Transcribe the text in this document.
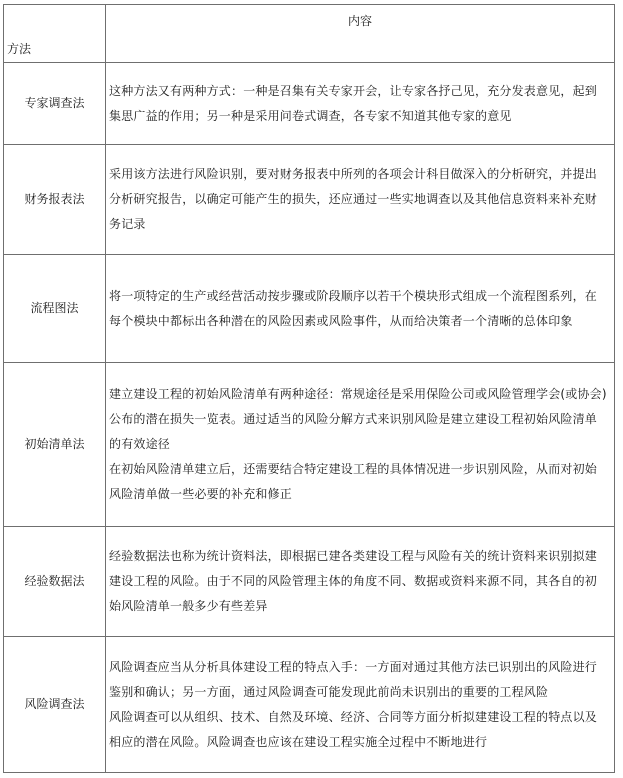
方法	内容
专家调查法	这种方法又有两种方式：一种是召集有关专家开会，让专家各抒己见，充分发表意见，起到集思广益的作用；另一种是采用问卷式调查，各专家不知道其他专家的意见

财务报表法	采用该方法进行风险识别，要对财务报表中所列的各项会计科目做深入的分析研究，并提出分析研究报告，以确定可能产生的损失，还应通过一些实地调查以及其他信息资料来补充财务记录

流程图法	将一项特定的生产或经营活动按步骤或阶段顺序以若干个模块形式组成一个流程图系列，在每个模块中都标出各种潜在的风险因素或风险事件，从而给决策者一个清晰的总体印象

初始清单法	建立建设工程的初始风险清单有两种途径：常规途径是采用保险公司或风险管理学会(或协会)公布的潜在损失一览表。通过适当的风险分解方式来识别风险是建立建设工程初始风险清单的有效途径
在初始风险清单建立后，还需要结合特定建设工程的具体情况进一步识别风险，从而对初始风险清单做一些必要的补充和修正

经验数据法	经验数据法也称为统计资料法，即根据已建各类建设工程与风险有关的统计资料来识别拟建建设工程的风险。由于不同的风险管理主体的角度不同、数据或资料来源不同，其各自的初始风险清单一般多少有些差异

风险调查法	风险调查应当从分析具体建设工程的特点入手：一方面对通过其他方法已识别出的风险进行鉴别和确认；另一方面，通过风险调查可能发现此前尚未识别出的重要的工程风险
风险调查可以从组织、技术、自然及环境、经济、合同等方面分析拟建建设工程的特点以及相应的潜在风险。风险调查也应该在建设工程实施全过程中不断地进行
